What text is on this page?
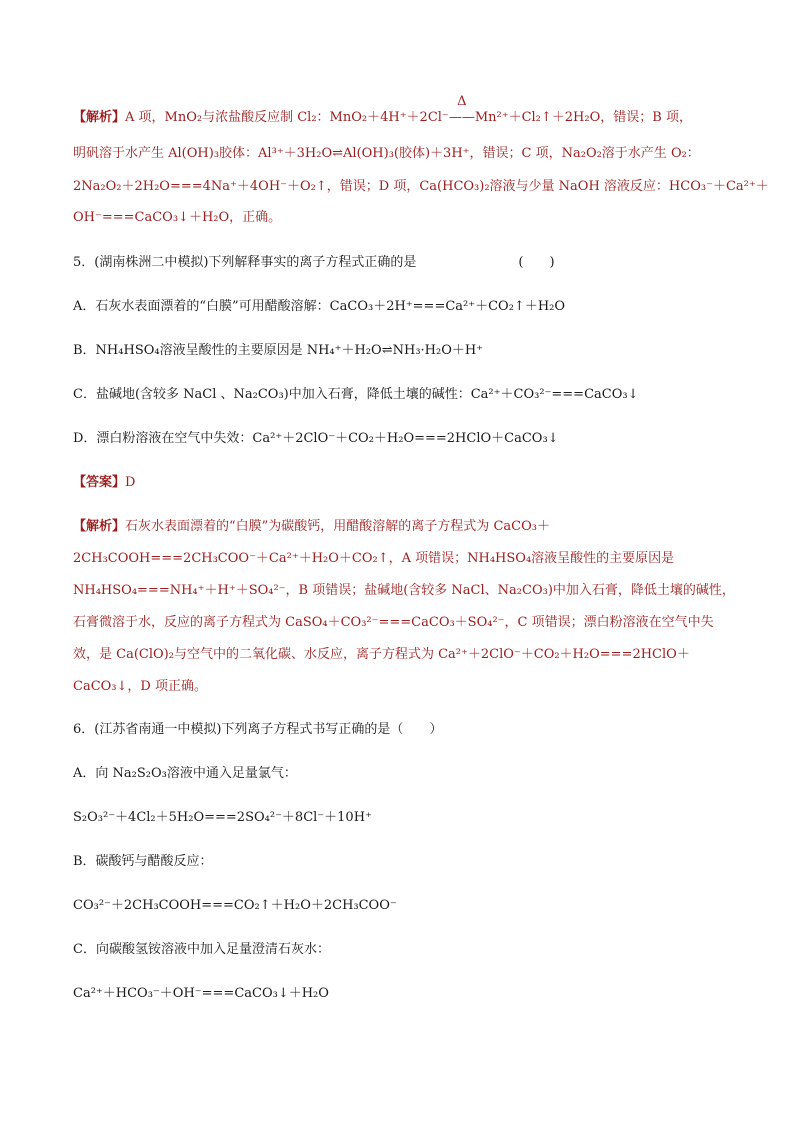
【解析】A 项，MnO₂与浓盐酸反应制 Cl₂：MnO₂＋4H⁺＋2Cl⁻
Δ
——Mn²⁺＋Cl₂↑＋2H₂O，错误；B 项，
明矾溶于水产生 Al(OH)₃胶体：Al³⁺＋3H₂O⇌Al(OH)₃(胶体)＋3H⁺，错误；C 项，Na₂O₂溶于水产生 O₂：
2Na₂O₂＋2H₂O===4Na⁺＋4OH⁻＋O₂↑，错误；D 项，Ca(HCO₃)₂溶液与少量 NaOH 溶液反应：HCO₃⁻＋Ca²⁺＋
OH⁻===CaCO₃↓＋H₂O，正确。
5．(湖南株洲二中模拟)下列解释事实的离子方程式正确的是	(　　)
A．石灰水表面漂着的“白膜”可用醋酸溶解：CaCO₃＋2H⁺===Ca²⁺＋CO₂↑＋H₂O
B．NH₄HSO₄溶液呈酸性的主要原因是 NH₄⁺＋H₂O⇌NH₃·H₂O＋H⁺
C．盐碱地(含较多 NaCl 、Na₂CO₃)中加入石膏，降低土壤的碱性：Ca²⁺＋CO₃²⁻===CaCO₃↓
D．漂白粉溶液在空气中失效：Ca²⁺＋2ClO⁻＋CO₂＋H₂O===2HClO＋CaCO₃↓
【答案】D
【解析】石灰水表面漂着的“白膜”为碳酸钙，用醋酸溶解的离子方程式为 CaCO₃＋
2CH₃COOH===2CH₃COO⁻＋Ca²⁺＋H₂O＋CO₂↑，A 项错误；NH₄HSO₄溶液呈酸性的主要原因是
NH₄HSO₄===NH₄⁺＋H⁺＋SO₄²⁻，B 项错误；盐碱地(含较多 NaCl、Na₂CO₃)中加入石膏，降低土壤的碱性，
石膏微溶于水，反应的离子方程式为 CaSO₄＋CO₃²⁻===CaCO₃＋SO₄²⁻，C 项错误；漂白粉溶液在空气中失
效，是 Ca(ClO)₂与空气中的二氧化碳、水反应，离子方程式为 Ca²⁺＋2ClO⁻＋CO₂＋H₂O===2HClO＋
CaCO₃↓，D 项正确。
6．(江苏省南通一中模拟)下列离子方程式书写正确的是（　　）
A．向 Na₂S₂O₃溶液中通入足量氯气：
S₂O₃²⁻＋4Cl₂＋5H₂O===2SO₄²⁻＋8Cl⁻＋10H⁺
B．碳酸钙与醋酸反应：
CO₃²⁻＋2CH₃COOH===CO₂↑＋H₂O＋2CH₃COO⁻
C．向碳酸氢铵溶液中加入足量澄清石灰水：
Ca²⁺＋HCO₃⁻＋OH⁻===CaCO₃↓＋H₂O
